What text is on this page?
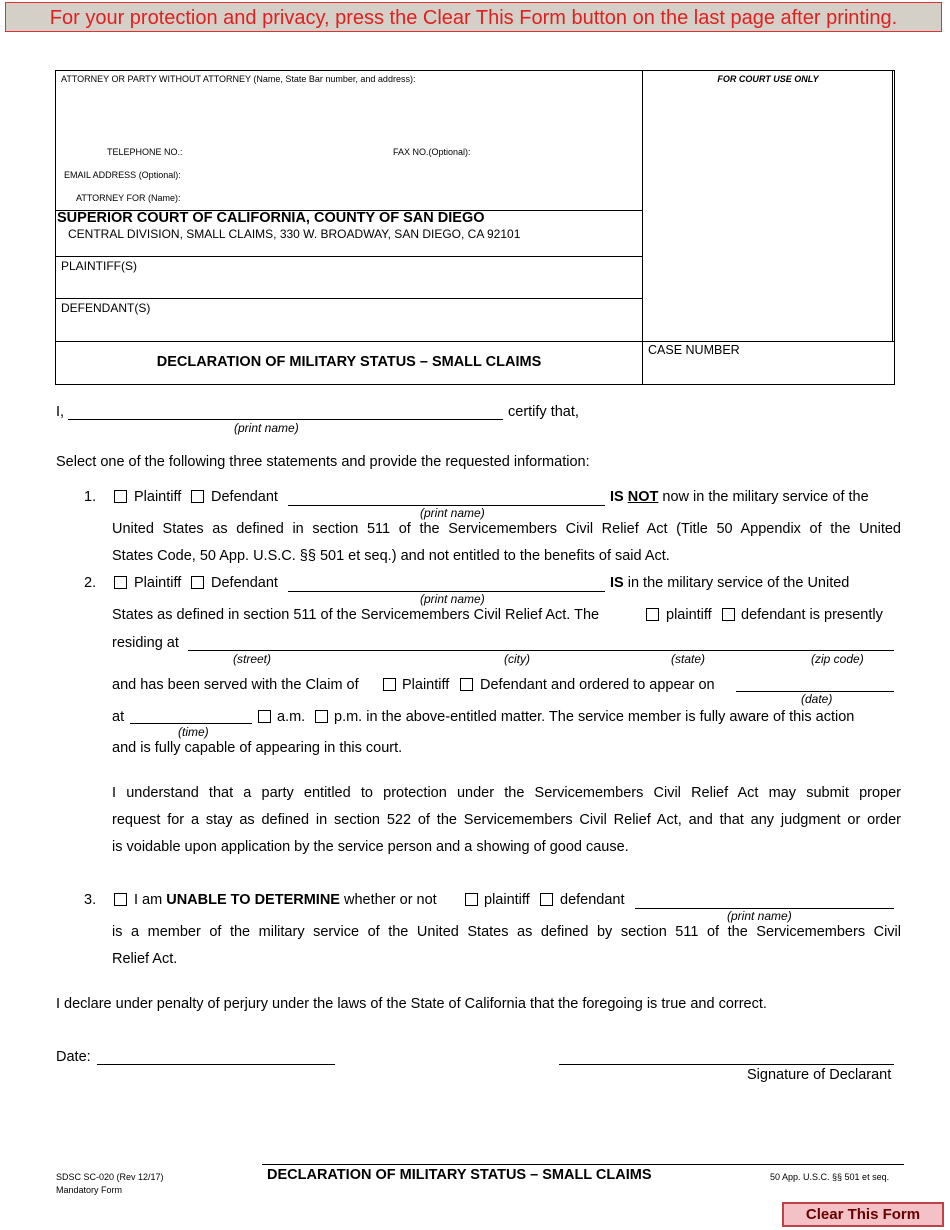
For your protection and privacy, press the Clear This Form button on the last page after printing.
ATTORNEY OR PARTY WITHOUT ATTORNEY (Name, State Bar number, and address):	FOR COURT USE ONLY
TELEPHONE NO.:	FAX NO.(Optional):
EMAIL ADDRESS (Optional):
ATTORNEY FOR (Name):
SUPERIOR COURT OF CALIFORNIA, COUNTY OF SAN DIEGO
CENTRAL DIVISION, SMALL CLAIMS, 330 W. BROADWAY, SAN DIEGO, CA 92101
PLAINTIFF(S)
DEFENDANT(S)
DECLARATION OF MILITARY STATUS – SMALL CLAIMS
CASE NUMBER
I,	certify that,
(print name)
Select one of the following three statements and provide the requested information:
1.	Plaintiff Defendant
(print name)
IS NOT now in the military service of the
United States as defined in section 511 of the Servicemembers Civil Relief Act (Title 50 Appendix of the United
States Code, 50 App. U.S.C. §§ 501 et seq.) and not entitled to the benefits of said Act.
2.	Plaintiff Defendant
(print name)
IS in the military service of the United
States as defined in section 511 of the Servicemembers Civil Relief Act. The	plaintiff defendant is presently
residing at
(street)	(city)	(state)	(zip code)
and has been served with the Claim of	Plaintiff Defendant and ordered to appear on
(date)
at
(time)
a.m. p.m. in the above-entitled matter. The service member is fully aware of this action
and is fully capable of appearing in this court.
I understand that a party entitled to protection under the Servicemembers Civil Relief Act may submit proper
request for a stay as defined in section 522 of the Servicemembers Civil Relief Act, and that any judgment or order
is voidable upon application by the service person and a showing of good cause.
3.	I am UNABLE TO DETERMINE whether or not	plaintiff defendant
(print name)
is a member of the military service of the United States as defined by section 511 of the Servicemembers Civil
Relief Act.
I declare under penalty of perjury under the laws of the State of California that the foregoing is true and correct.
Date:
Signature of Declarant
SDSC SC-020 (Rev 12/17)
Mandatory Form
DECLARATION OF MILITARY STATUS – SMALL CLAIMS	50 App. U.S.C. §§ 501 et seq.
Clear This Form
